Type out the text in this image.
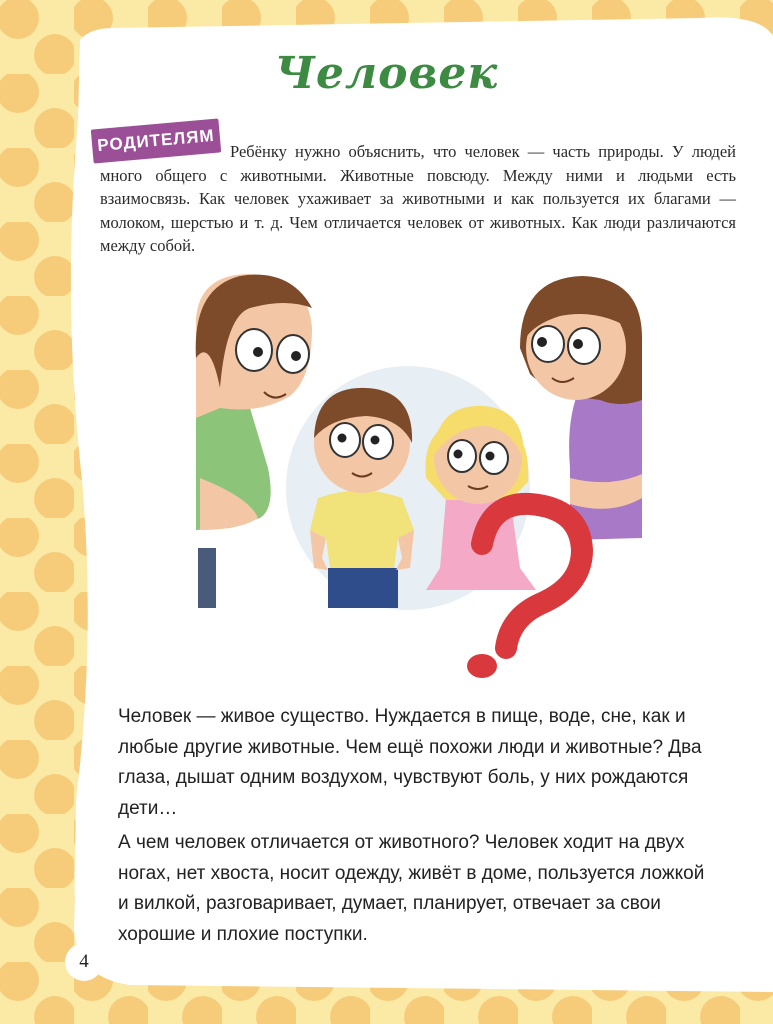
Человек
РОДИТЕЛЯМ Ребёнку нужно объяснить, что человек — часть природы. У людей много общего с животными. Животные повсюду. Между ними и людьми есть взаимосвязь. Как человек ухаживает за животными и как пользуется их благами — молоком, шерстью и т. д. Чем отличается человек от животных. Как люди различаются между собой.

Человек — живое существо. Нуждается в пище, воде, сне, как и любые другие животные. Чем ещё похожи люди и животные? Два глаза, дышат одним воздухом, чувствуют боль, у них рождаются дети…

А чем человек отличается от животного? Человек ходит на двух ногах, нет хвоста, носит одежду, живёт в доме, пользуется ложкой и вилкой, разговаривает, думает, планирует, отвечает за свои хорошие и плохие поступки.

4
